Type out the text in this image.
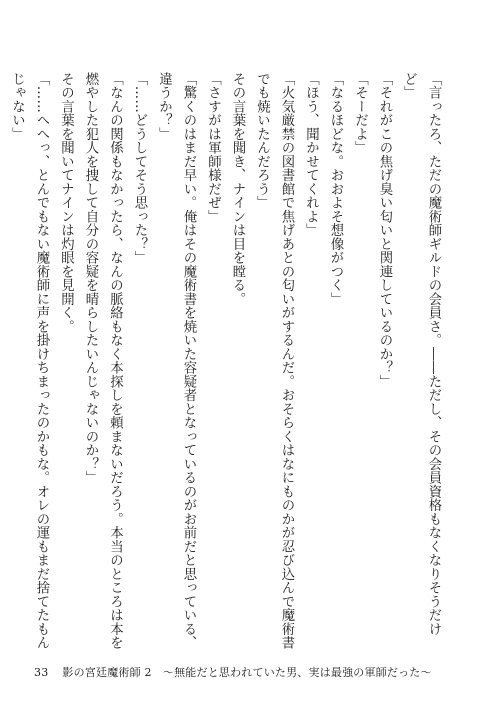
「言ったろ、ただの魔術師ギルドの会員さ。――ただし、その会員資格もなくなりそうだけど」

「それがこの焦げ臭い匂いと関連しているのか？」

「そーだよ」

「なるほどな。おおよそ想像がつく」

「ほう、聞かせてくれよ」

「火気厳禁の図書館で焦げあとの匂いがするんだ。おそらくはなにものかが忍び込んで魔術書でも焼いたんだろう」

その言葉を聞き、ナインは目を瞠る。

「さすがは軍師様だぜ」

「驚くのはまだ早い。俺はその魔術書を焼いた容疑者となっているのがお前だと思っている、違うか？」

「……どうしてそう思った？」

「なんの関係もなかったら、なんの脈絡もなく本探しを頼まないだろう。本当のところは本を燃やした犯人を捜して自分の容疑を晴らしたいんじゃないのか？」

その言葉を聞いてナインは灼眼を見開く。

「……へへっ、とんでもない魔術師に声を掛けちまったのかもな。オレの運もまだ捨てたもんじゃない」

33 影の宮廷魔術師 2　～無能だと思われていた男、実は最強の軍師だった～
